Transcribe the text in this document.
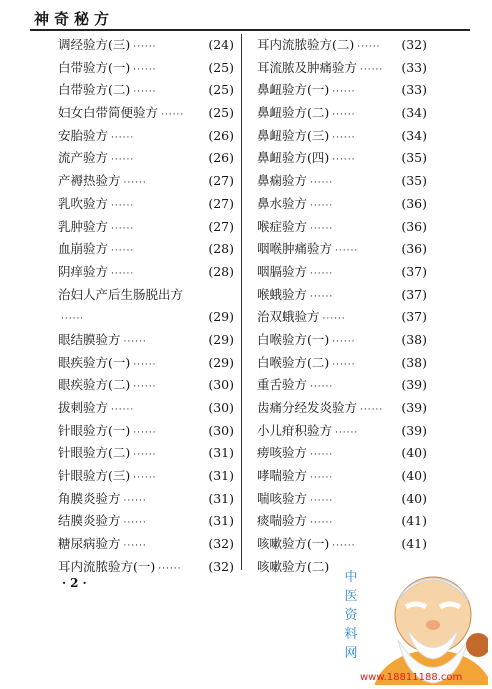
神奇秘方
调经验方(三) ······	(24)
白带验方(一) ······	(25)
白带验方(二) ······	(25)
妇女白带简便验方 ······ (25)
安胎验方 ······	(26)
流产验方 ······	(26)
产褥热验方 ······	(27)
乳吹验方 ······	(27)
乳肿验方 ······	(27)
血崩验方 ······	(28)
阴痒验方 ······	(28)
治妇人产后生肠脱出方
······	(29)
眼结膜验方 ······	(29)
眼疾验方(一) ······	(29)
眼疾验方(二) ······	(30)
拔刺验方 ······	(30)
针眼验方(一) ······	(30)
针眼验方(二) ······	(31)
针眼验方(三) ······	(31)
角膜炎验方 ······	(31)
结膜炎验方 ······	(31)
糖尿病验方 ······	(32)
耳内流脓验方(一) ······ (32)
耳内流脓验方(二) ······ (32)
耳流脓及肿痛验方 ······ (33)
鼻衄验方(一) ······	(33)
鼻衄验方(二) ······	(34)
鼻衄验方(三) ······	(34)
鼻衄验方(四) ······	(35)
鼻痫验方 ······	(35)
鼻水验方 ······	(36)
喉症验方 ······	(36)
咽喉肿痛验方 ······	(36)
咽膈验方 ······	(37)
喉蛾验方 ······	(37)
治双蛾验方 ······	(37)
白喉验方(一) ······	(38)
白喉验方(二) ······	(38)
重舌验方 ······	(39)
齿痛分经发炎验方 ······ (39)
小儿疳积验方 ······	(39)
痨咳验方 ······	(40)
哮喘验方 ······	(40)
喘咳验方 ······	(40)
痰喘验方 ······	(41)
咳嗽验方(一) ······	(41)
咳嗽验方(二)
·2·	中医资料网
www.18811188.com
